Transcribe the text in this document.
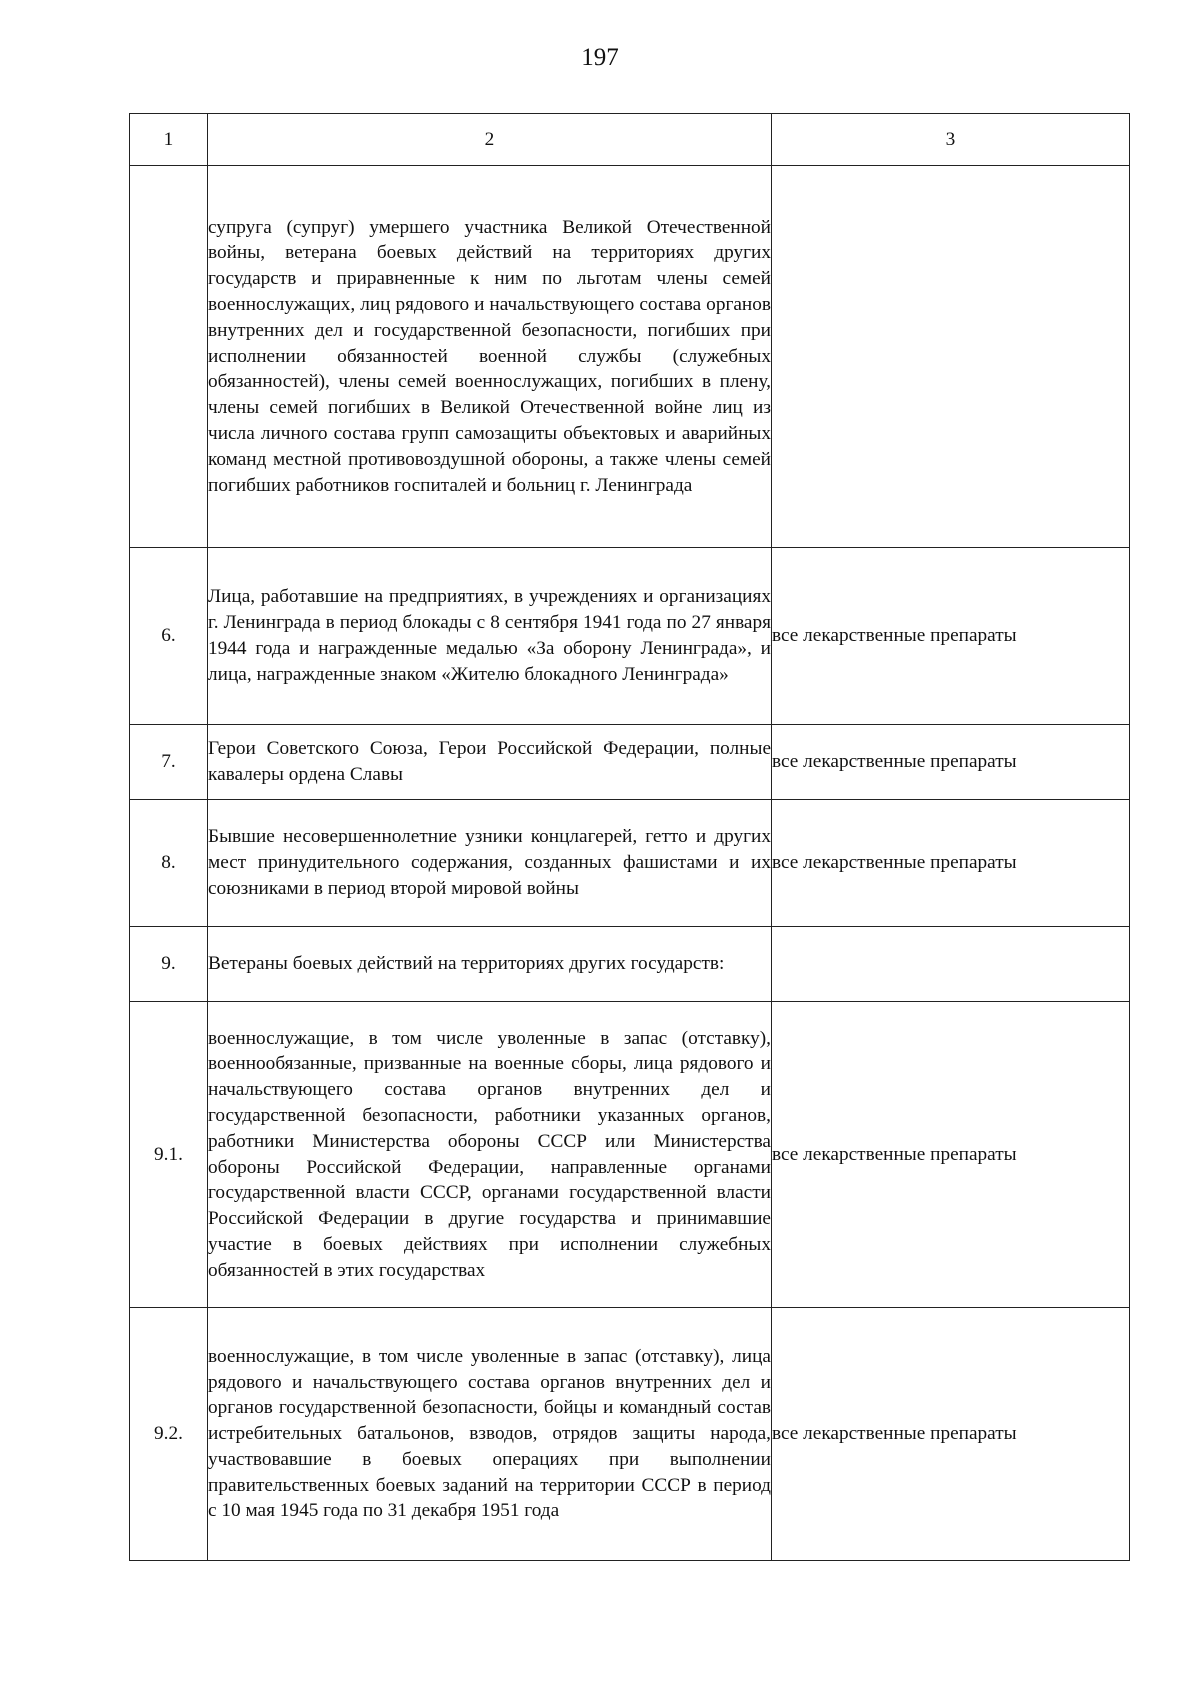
197
1	2	3
	супруга (супруг) умершего участника Великой Отечественной войны, ветерана боевых действий на территориях других государств и приравненные к ним по льготам члены семей военнослужащих, лиц рядового и начальствующего состава органов внутренних дел и государственной безопасности, погибших при исполнении обязанностей военной службы (служебных обязанностей), члены семей военнослужащих, погибших в плену, члены семей погибших в Великой Отечественной войне лиц из числа личного состава групп самозащиты объектовых и аварийных команд местной противовоздушной обороны, а также члены семей погибших работников госпиталей и больниц г. Ленинграда	
6.	Лица, работавшие на предприятиях, в учреждениях и организациях г. Ленинграда в период блокады с 8 сентября 1941 года по 27 января 1944 года и награжденные медалью «За оборону Ленинграда», и лица, награжденные знаком «Жителю блокадного Ленинграда»	все лекарственные препараты
7.	Герои Советского Союза, Герои Российской Федерации, полные кавалеры ордена Славы	все лекарственные препараты
8.	Бывшие несовершеннолетние узники концлагерей, гетто и других мест принудительного содержания, созданных фашистами и их союзниками в период второй мировой войны	все лекарственные препараты
9.	Ветераны боевых действий на территориях других государств:	
9.1.	военнослужащие, в том числе уволенные в запас (отставку), военнообязанные, призванные на военные сборы, лица рядового и начальствующего состава органов внутренних дел и государственной безопасности, работники указанных органов, работники Министерства обороны СССР или Министерства обороны Российской Федерации, направленные органами государственной власти СССР, органами государственной власти Российской Федерации в другие государства и принимавшие участие в боевых действиях при исполнении служебных обязанностей в этих государствах	все лекарственные препараты
9.2.	военнослужащие, в том числе уволенные в запас (отставку), лица рядового и начальствующего состава органов внутренних дел и органов государственной безопасности, бойцы и командный состав истребительных батальонов, взводов, отрядов защиты народа, участвовавшие в боевых операциях при выполнении правительственных боевых заданий на территории СССР в период с 10 мая 1945 года по 31 декабря 1951 года	все лекарственные препараты
